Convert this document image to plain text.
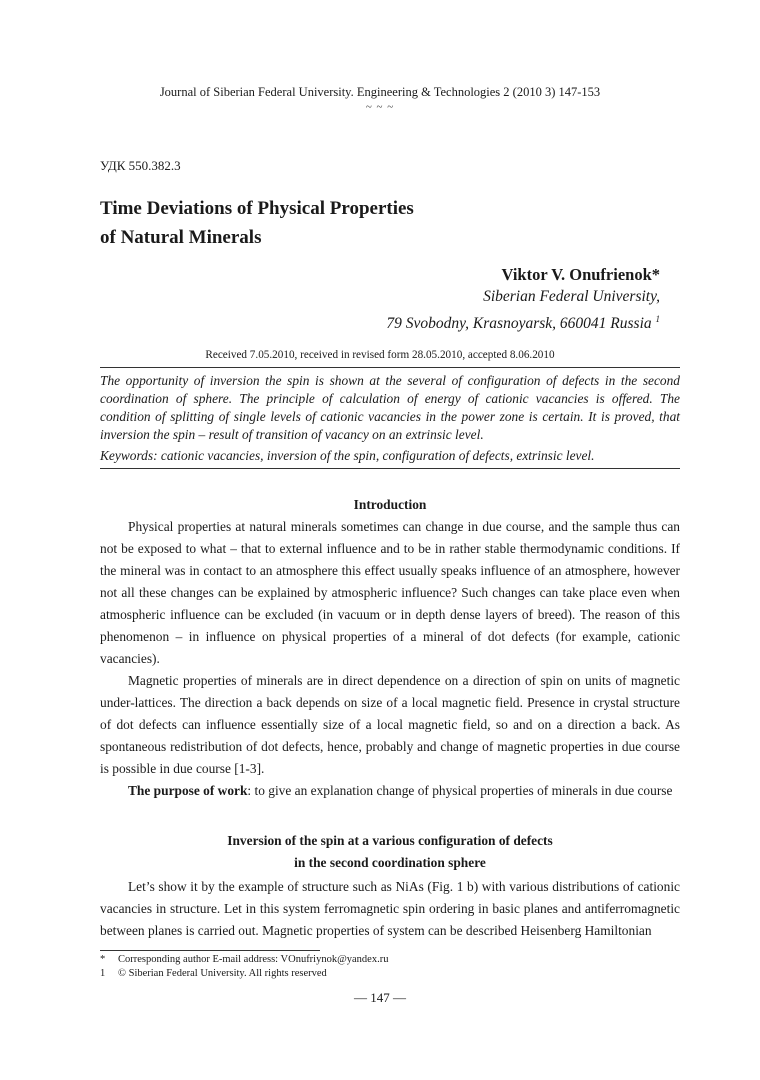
Journal of Siberian Federal University. Engineering & Technologies 2 (2010 3) 147-153
~ ~ ~
УДК 550.382.3
Time Deviations of Physical Properties
of Natural Minerals
Viktor V. Onufrienok*
Siberian Federal University,
79 Svobodny, Krasnoyarsk, 660041 Russia $^1$
Received 7.05.2010, received in revised form 28.05.2010, accepted 8.06.2010
The opportunity of inversion the spin is shown at the several of configuration of defects in the second coordination of sphere. The principle of calculation of energy of cationic vacancies is offered. The condition of splitting of single levels of cationic vacancies in the power zone is certain. It is proved, that inversion the spin – result of transition of vacancy on an extrinsic level.
Keywords: cationic vacancies, inversion of the spin, configuration of defects, extrinsic level.
Introduction

Physical properties at natural minerals sometimes can change in due course, and the sample thus can not be exposed to what – that to external influence and to be in rather stable thermodynamic conditions. If the mineral was in contact to an atmosphere this effect usually speaks influence of an atmosphere, however not all these changes can be explained by atmospheric influence? Such changes can take place even when atmospheric influence can be excluded (in vacuum or in depth dense layers of breed). The reason of this phenomenon – in influence on physical properties of a mineral of dot defects (for example, cationic vacancies).

Magnetic properties of minerals are in direct dependence on a direction of spin on units of magnetic under-lattices. The direction a back depends on size of a local magnetic field. Presence in crystal structure of dot defects can influence essentially size of a local magnetic field, so and on a direction a back. As spontaneous redistribution of dot defects, hence, probably and change of magnetic properties in due course is possible in due course [1-3].

The purpose of work: to give an explanation change of physical properties of minerals in due course

Inversion of the spin at a various configuration of defects
in the second coordination sphere

Let’s show it by the example of structure such as NiAs (Fig. 1 b) with various distributions of cationic vacancies in structure. Let in this system ferromagnetic spin ordering in basic planes and antiferromagnetic between planes is carried out. Magnetic properties of system can be described Heisenberg Hamiltonian

* Corresponding author E-mail address: VOnufriynok@yandex.ru
1 © Siberian Federal University. All rights reserved
— 147 —
